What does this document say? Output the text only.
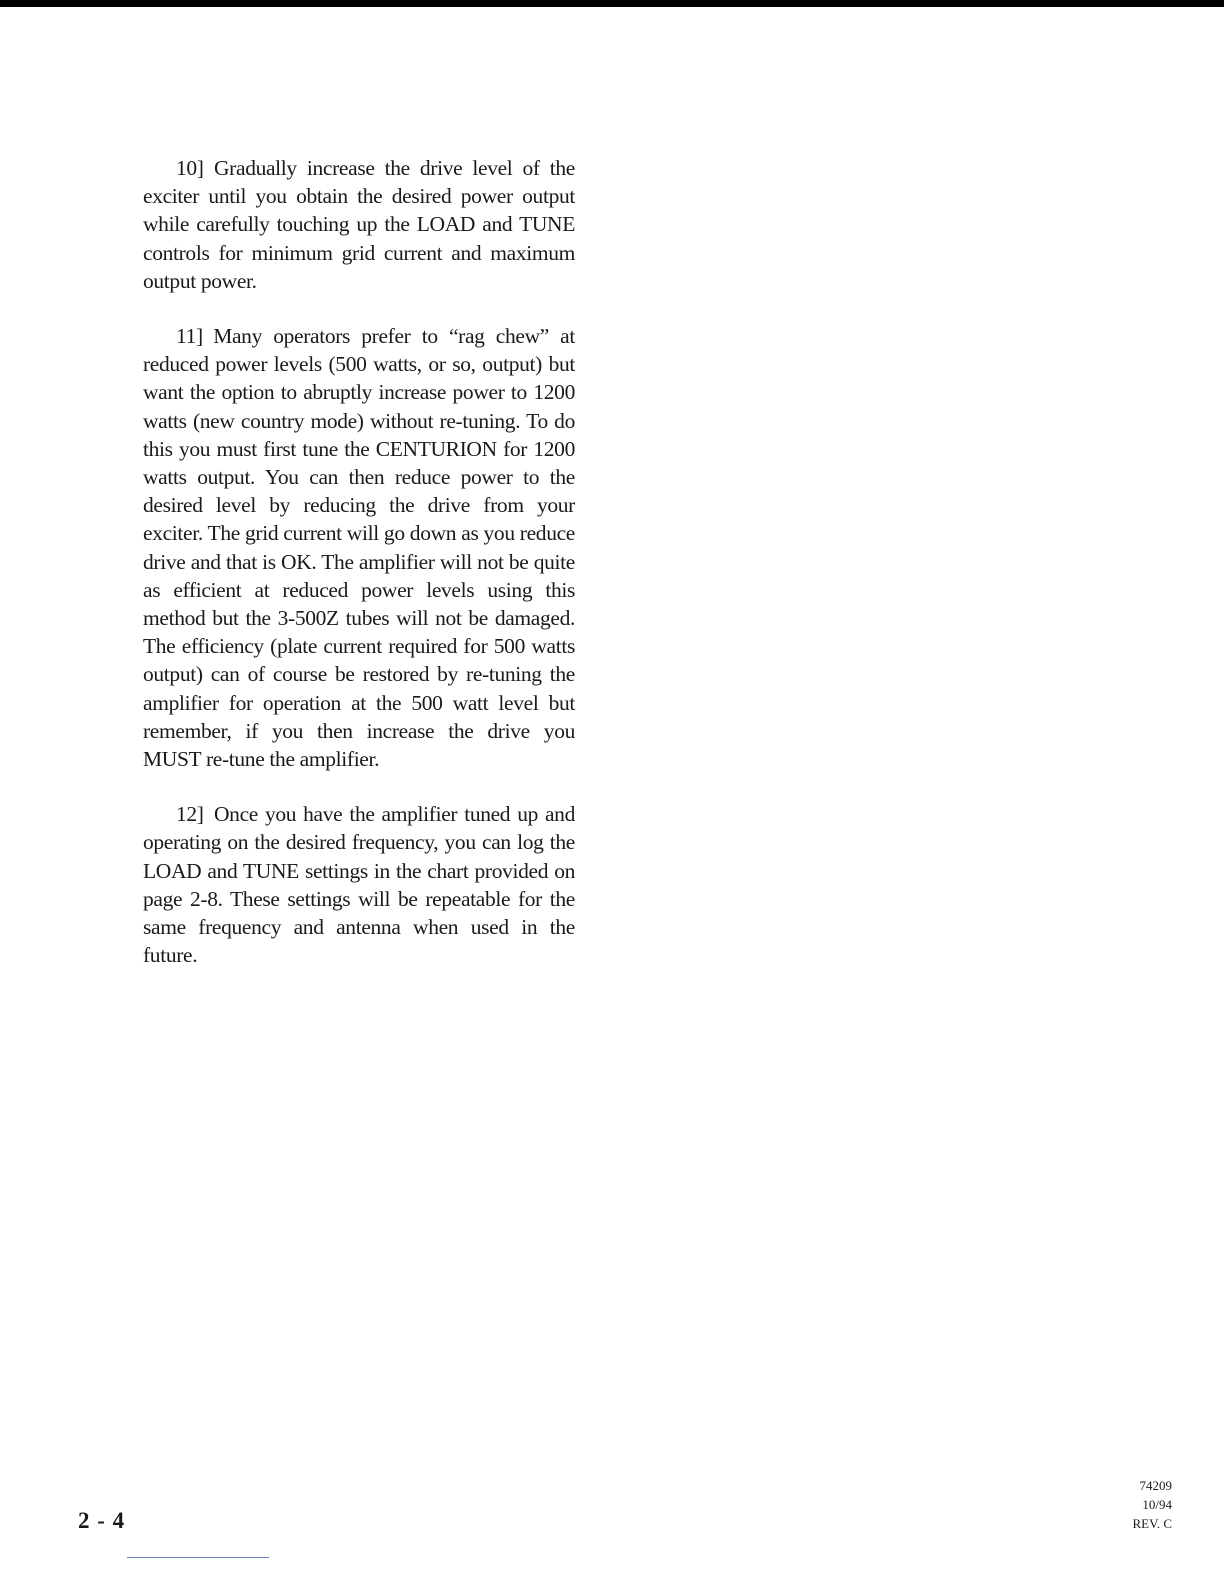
10] Gradually increase the drive level of the exciter until you obtain the desired power output while carefully touching up the LOAD and TUNE controls for minimum grid current and maximum output power.

11] Many operators prefer to “rag chew” at reduced power levels (500 watts, or so, output) but want the option to abruptly increase power to 1200 watts (new country mode) without re-tuning. To do this you must first tune the CENTURION for 1200 watts output. You can then reduce power to the desired level by reducing the drive from your exciter. The grid current will go down as you reduce drive and that is OK. The amplifier will not be quite as efficient at reduced power levels using this method but the 3-500Z tubes will not be damaged. The efficiency (plate current required for 500 watts output) can of course be restored by re-tuning the amplifier for operation at the 500 watt level but remember, if you then increase the drive you MUST re-tune the amplifier.

12] Once you have the amplifier tuned up and operating on the desired frequency, you can log the LOAD and TUNE settings in the chart provided on page 2-8. These settings will be repeatable for the same frequency and antenna when used in the future.

2 - 4
74209
10/94
REV. C
